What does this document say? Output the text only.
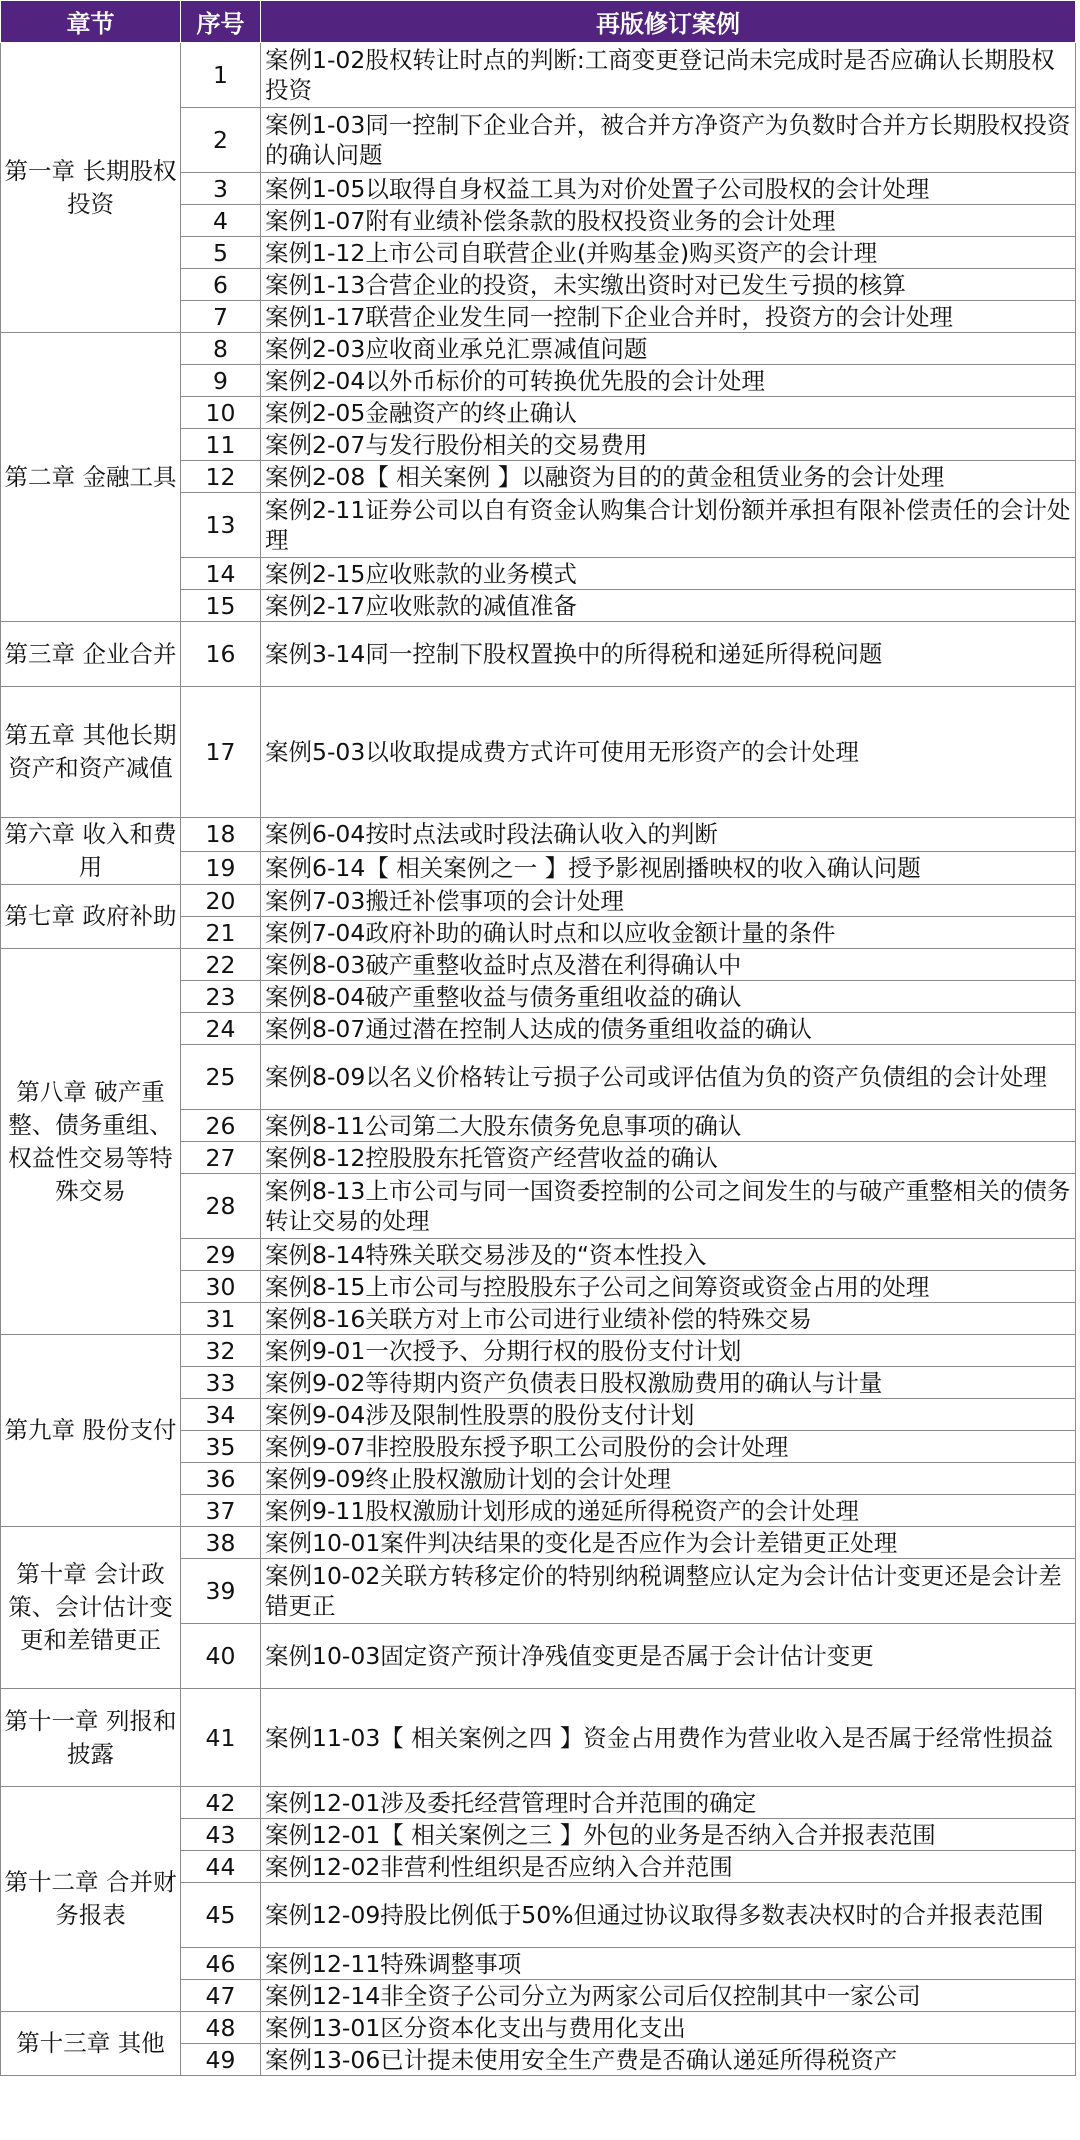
章节	序号	再版修订案例
第一章 长期股权投资	1	案例1-02股权转让时点的判断:工商变更登记尚未完成时是否应确认长期股权投资
	2	案例1-03同一控制下企业合并，被合并方净资产为负数时合并方长期股权投资的确认问题
	3	案例1-05以取得自身权益工具为对价处置子公司股权的会计处理
	4	案例1-07附有业绩补偿条款的股权投资业务的会计处理
	5	案例1-12上市公司自联营企业(并购基金)购买资产的会计理
	6	案例1-13合营企业的投资，未实缴出资时对已发生亏损的核算
	7	案例1-17联营企业发生同一控制下企业合并时，投资方的会计处理
第二章 金融工具	8	案例2-03应收商业承兑汇票减值问题
	9	案例2-04以外币标价的可转换优先股的会计处理
	10	案例2-05金融资产的终止确认
	11	案例2-07与发行股份相关的交易费用
	12	案例2-08【 相关案例 】以融资为目的的黄金租赁业务的会计处理
	13	案例2-11证券公司以自有资金认购集合计划份额并承担有限补偿责任的会计处理
	14	案例2-15应收账款的业务模式
	15	案例2-17应收账款的减值准备
第三章 企业合并	16	案例3-14同一控制下股权置换中的所得税和递延所得税问题
第五章 其他长期资产和资产减值	17	案例5-03以收取提成费方式许可使用无形资产的会计处理
第六章 收入和费用	18	案例6-04按时点法或时段法确认收入的判断
	19	案例6-14【 相关案例之一 】授予影视剧播映权的收入确认问题
第七章 政府补助	20	案例7-03搬迁补偿事项的会计处理
	21	案例7-04政府补助的确认时点和以应收金额计量的条件
第八章 破产重整、债务重组、权益性交易等特殊交易	22	案例8-03破产重整收益时点及潜在利得确认中
	23	案例8-04破产重整收益与债务重组收益的确认
	24	案例8-07通过潜在控制人达成的债务重组收益的确认
	25	案例8-09以名义价格转让亏损子公司或评估值为负的资产负债组的会计处理
	26	案例8-11公司第二大股东债务免息事项的确认
	27	案例8-12控股股东托管资产经营收益的确认
	28	案例8-13上市公司与同一国资委控制的公司之间发生的与破产重整相关的债务转让交易的处理
	29	案例8-14特殊关联交易涉及的“资本性投入
	30	案例8-15上市公司与控股股东子公司之间筹资或资金占用的处理
	31	案例8-16关联方对上市公司进行业绩补偿的特殊交易
第九章 股份支付	32	案例9-01一次授予、分期行权的股份支付计划
	33	案例9-02等待期内资产负债表日股权激励费用的确认与计量
	34	案例9-04涉及限制性股票的股份支付计划
	35	案例9-07非控股股东授予职工公司股份的会计处理
	36	案例9-09终止股权激励计划的会计处理
	37	案例9-11股权激励计划形成的递延所得税资产的会计处理
第十章 会计政策、会计估计变更和差错更正	38	案例10-01案件判决结果的变化是否应作为会计差错更正处理
	39	案例10-02关联方转移定价的特别纳税调整应认定为会计估计变更还是会计差错更正
	40	案例10-03固定资产预计净残值变更是否属于会计估计变更
第十一章 列报和披露	41	案例11-03【 相关案例之四 】资金占用费作为营业收入是否属于经常性损益
第十二章 合并财务报表	42	案例12-01涉及委托经营管理时合并范围的确定
	43	案例12-01【 相关案例之三 】外包的业务是否纳入合并报表范围
	44	案例12-02非营利性组织是否应纳入合并范围
	45	案例12-09持股比例低于50%但通过协议取得多数表决权时的合并报表范围
	46	案例12-11特殊调整事项
	47	案例12-14非全资子公司分立为两家公司后仅控制其中一家公司
第十三章 其他	48	案例13-01区分资本化支出与费用化支出
	49	案例13-06已计提未使用安全生产费是否确认递延所得税资产
